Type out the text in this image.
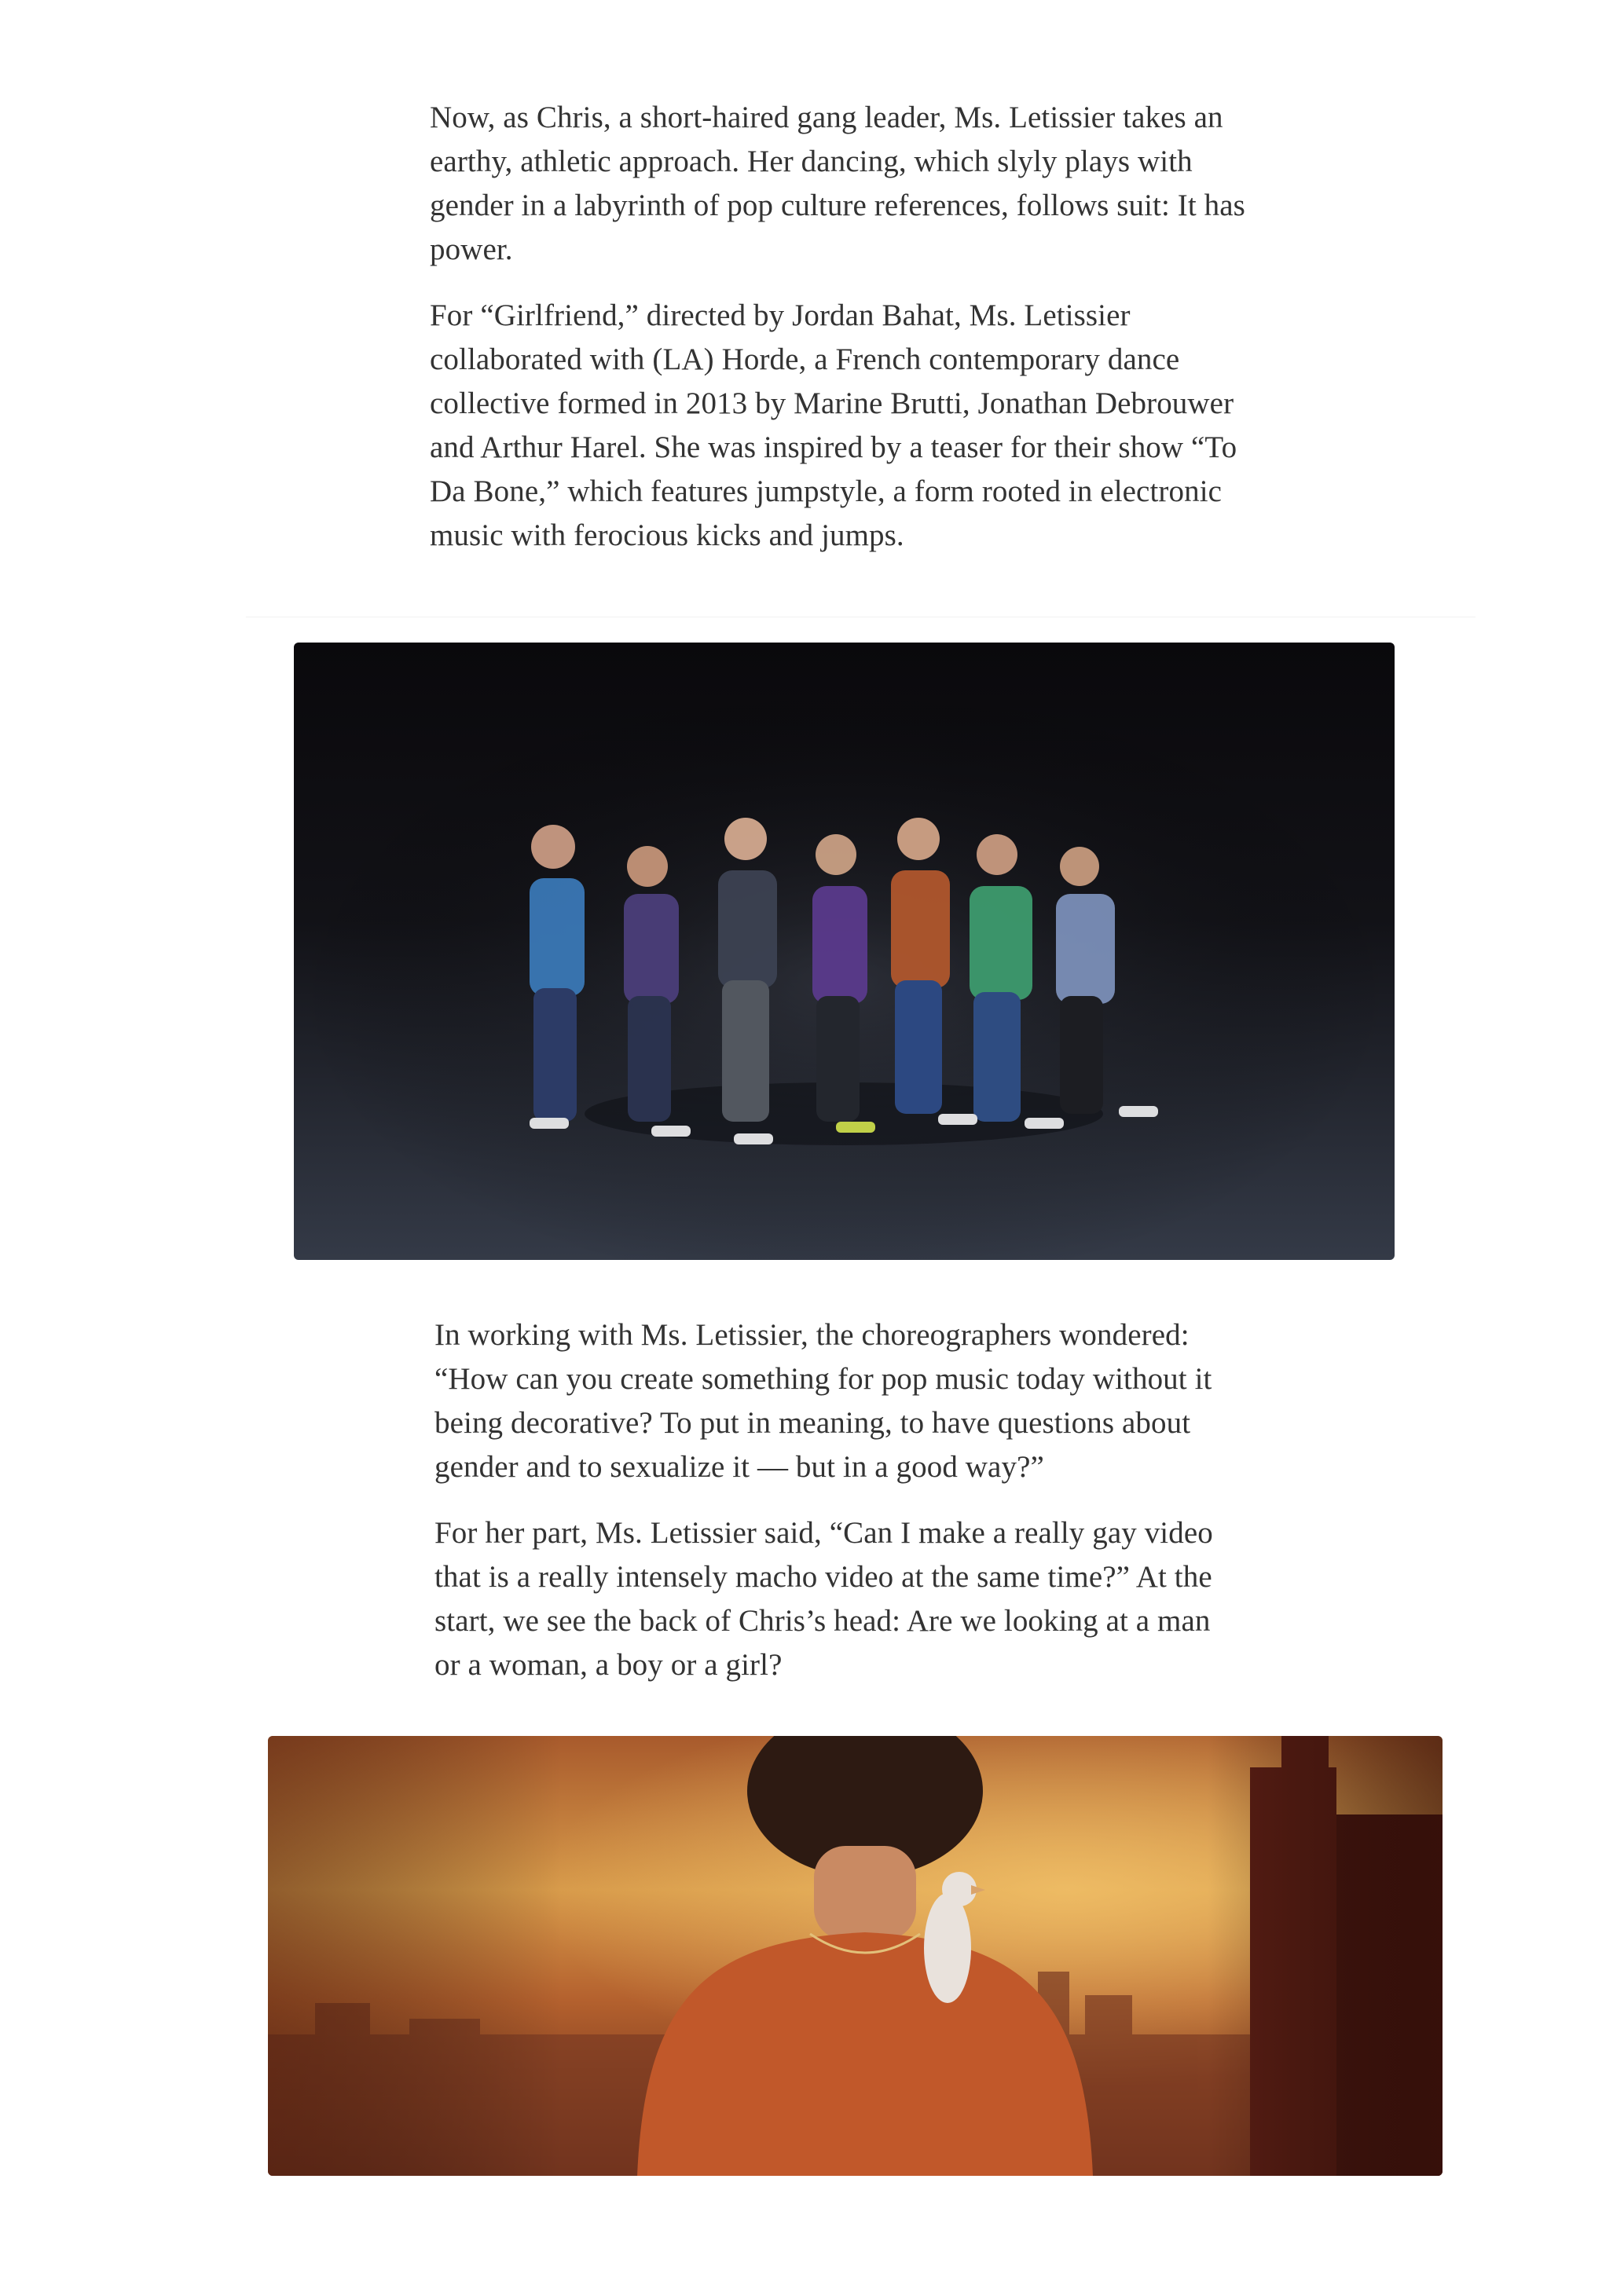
Now, as Chris, a short-haired gang leader, Ms. Letissier takes an earthy, athletic approach. Her dancing, which slyly plays with gender in a labyrinth of pop culture references, follows suit: It has power.

For “Girlfriend,” directed by Jordan Bahat, Ms. Letissier collaborated with (LA) Horde, a French contemporary dance collective formed in 2013 by Marine Brutti, Jonathan Debrouwer and Arthur Harel. She was inspired by a teaser for their show “To Da Bone,” which features jumpstyle, a form rooted in electronic music with ferocious kicks and jumps.

In working with Ms. Letissier, the choreographers wondered: “How can you create something for pop music today without it being decorative? To put in meaning, to have questions about gender and to sexualize it — but in a good way?”

For her part, Ms. Letissier said, “Can I make a really gay video that is a really intensely macho video at the same time?” At the start, we see the back of Chris’s head: Are we looking at a man or a woman, a boy or a girl?
